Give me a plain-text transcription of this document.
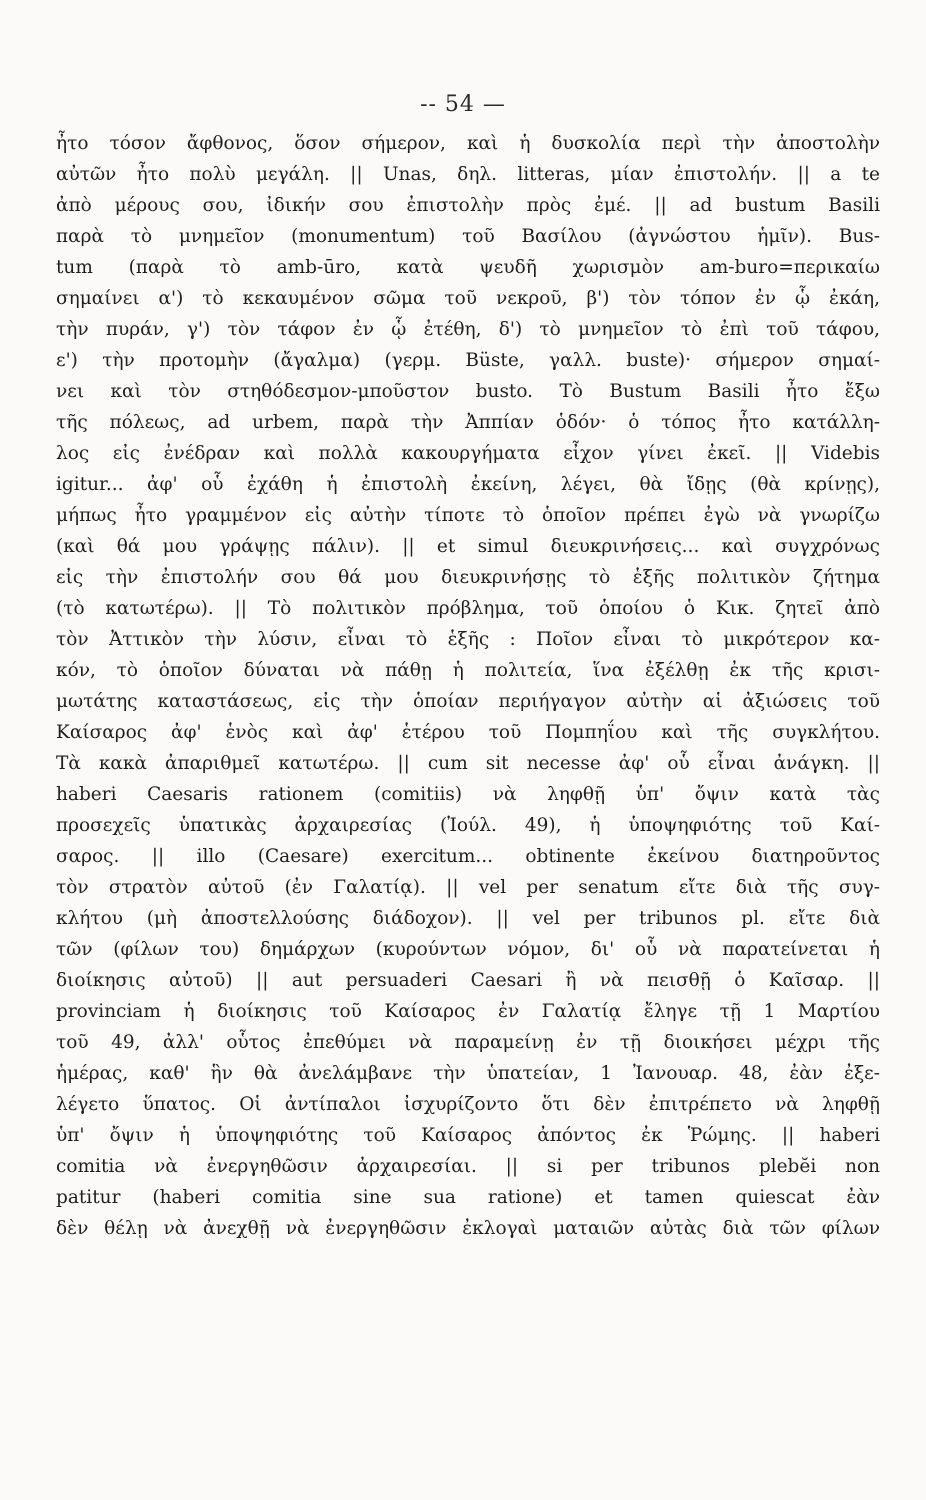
-- 54 —
ἦτο τόσον ἄφθονος, ὅσον σήμερον, καὶ ἡ δυσκολία περὶ τὴν ἀποστολὴν
αὐτῶν ἦτο πολὺ μεγάλη. || Unas, δηλ. litteras, μίαν ἐπιστολήν. || a te
ἀπὸ μέρους σου, ἰδικήν σου ἐπιστολὴν πρὸς ἐμέ. || ad bustum Basili
παρὰ τὸ μνημεῖον (monumentum) τοῦ Βασίλου (ἀγνώστου ἡμῖν). Bus-
tum (παρὰ τὸ amb-ūro, κατὰ ψευδῆ χωρισμὸν am-buro=περικαίω
σημαίνει α') τὸ κεκαυμένον σῶμα τοῦ νεκροῦ, β') τὸν τόπον ἐν ᾧ ἐκάη,
τὴν πυράν, γ') τὸν τάφον ἐν ᾧ ἐτέθη, δ') τὸ μνημεῖον τὸ ἐπὶ τοῦ τάφου,
ε') τὴν προτομὴν (ἄγαλμα) (γερμ. Büste, γαλλ. buste)· σήμερον σημαί-
νει καὶ τὸν στηθόδεσμον-μποῦστον busto. Τὸ Bustum Basili ἦτο ἔξω
τῆς πόλεως, ad urbem, παρὰ τὴν Ἀππίαν ὁδόν· ὁ τόπος ἦτο κατάλλη-
λος εἰς ἐνέδραν καὶ πολλὰ κακουργήματα εἶχον γίνει ἐκεῖ. || Videbis
igitur... ἀφ' οὗ ἐχάθη ἡ ἐπιστολὴ ἐκείνη, λέγει, θὰ ἴδῃς (θὰ κρίνῃς),
μήπως ἦτο γραμμένον εἰς αὐτὴν τίποτε τὸ ὁποῖον πρέπει ἐγὼ νὰ γνωρίζω
(καὶ θά μου γράψῃς πάλιν). || et simul διευκρινήσεις... καὶ συγχρόνως
εἰς τὴν ἐπιστολήν σου θά μου διευκρινήσῃς τὸ ἑξῆς πολιτικὸν ζήτημα
(τὸ κατωτέρω). || Τὸ πολιτικὸν πρόβλημα, τοῦ ὁποίου ὁ Κικ. ζητεῖ ἀπὸ
τὸν Ἀττικὸν τὴν λύσιν, εἶναι τὸ ἑξῆς : Ποῖον εἶναι τὸ μικρότερον κα-
κόν, τὸ ὁποῖον δύναται νὰ πάθῃ ἡ πολιτεία, ἵνα ἐξέλθῃ ἐκ τῆς κρισι-
μωτάτης καταστάσεως, εἰς τὴν ὁποίαν περιήγαγον αὐτὴν αἱ ἀξιώσεις τοῦ
Καίσαρος ἀφ' ἑνὸς καὶ ἀφ' ἑτέρου τοῦ Πομπηΐου καὶ τῆς συγκλήτου.
Τὰ κακὰ ἀπαριθμεῖ κατωτέρω. || cum sit necesse ἀφ' οὗ εἶναι ἀνάγκη. ||
haberi Caesaris rationem (comitiis) νὰ ληφθῇ ὑπ' ὄψιν κατὰ τὰς
προσεχεῖς ὑπατικὰς ἀρχαιρεσίας (Ἰούλ. 49), ἡ ὑποψηφιότης τοῦ Καί-
σαρος. || illo (Caesare) exercitum... obtinente ἐκείνου διατηροῦντος
τὸν στρατὸν αὐτοῦ (ἐν Γαλατίᾳ). || vel per senatum εἴτε διὰ τῆς συγ-
κλήτου (μὴ ἀποστελλούσης διάδοχον). || vel per tribunos pl. εἴτε διὰ
τῶν (φίλων του) δημάρχων (κυρούντων νόμον, δι' οὗ νὰ παρατείνεται ἡ
διοίκησις αὐτοῦ) || aut persuaderi Caesari ἢ νὰ πεισθῇ ὁ Καῖσαρ. ||
provinciam ἡ διοίκησις τοῦ Καίσαρος ἐν Γαλατίᾳ ἔληγε τῇ 1 Μαρτίου
τοῦ 49, ἀλλ' οὗτος ἐπεθύμει νὰ παραμείνῃ ἐν τῇ διοικήσει μέχρι τῆς
ἡμέρας, καθ' ἣν θὰ ἀνελάμβανε τὴν ὑπατείαν, 1 Ἰανουαρ. 48, ἐὰν ἐξε-
λέγετο ὕπατος. Οἱ ἀντίπαλοι ἰσχυρίζοντο ὅτι δὲν ἐπιτρέπετο νὰ ληφθῇ
ὑπ' ὄψιν ἡ ὑποψηφιότης τοῦ Καίσαρος ἀπόντος ἐκ Ῥώμης. || haberi
comitia νὰ ἐνεργηθῶσιν ἀρχαιρεσίαι. || si per tribunos plebĕi non
patitur (haberi comitia sine sua ratione) et tamen quiescat ἐὰν
δὲν θέλῃ νὰ ἀνεχθῇ νὰ ἐνεργηθῶσιν ἐκλογαὶ ματαιῶν αὐτὰς διὰ τῶν φίλων
